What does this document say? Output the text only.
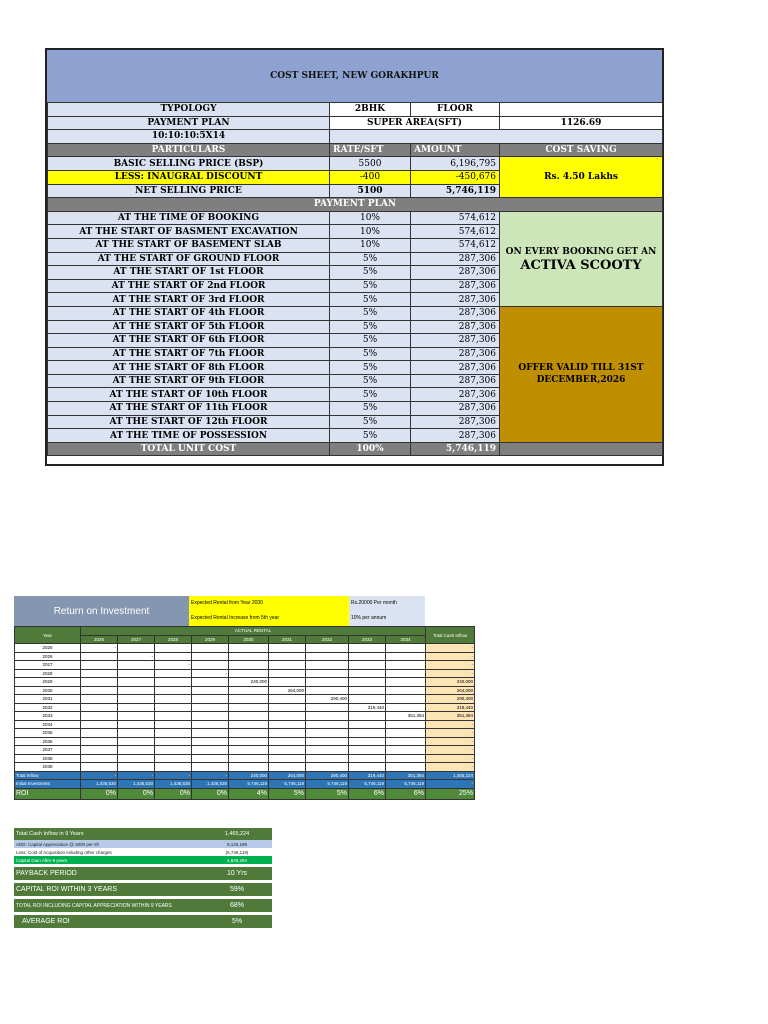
COST SHEET, NEW GORAKHPUR
TYPOLOGY	2BHK	FLOOR	
PAYMENT PLAN	SUPER AREA(SFT)		1126.69
10:10:10:5X14			
PARTICULARS	RATE/SFT	AMOUNT	COST SAVING
BASIC SELLING PRICE (BSP)	5500	6,196,795	Rs. 4.50 Lakhs
LESS: INAUGRAL DISCOUNT	-400	-450,676	
NET SELLING PRICE	5100	5,746,119	
PAYMENT PLAN			
AT THE TIME OF BOOKING	10%	574,612	ON EVERY BOOKING GET AN
ACTIVA SCOOTY

AT THE START OF BASMENT EXCAVATION	10%	574,612	
AT THE START OF BASEMENT SLAB	10%	574,612	
AT THE START OF GROUND FLOOR	5%	287,306	
AT THE START OF 1st FLOOR	5%	287,306	
AT THE START OF 2nd FLOOR	5%	287,306	
AT THE START OF 3rd FLOOR	5%	287,306	
AT THE START OF 4th FLOOR	5%	287,306	OFFER VALID TILL 31ST DECEMBER,2026
AT THE START OF 5th FLOOR	5%	287,306	
AT THE START OF 6th FLOOR	5%	287,306	
AT THE START OF 7th FLOOR	5%	287,306	
AT THE START OF 8th FLOOR	5%	287,306	
AT THE START OF 9th FLOOR	5%	287,306	
AT THE START OF 10th FLOOR	5%	287,306	
AT THE START OF 11th FLOOR	5%	287,306	
AT THE START OF 12th FLOOR	5%	287,306	
AT THE TIME OF POSSESSION	5%	287,306	
TOTAL UNIT COST	100%	5,746,119	
Return on Investment
Expected Rental from Year 2030	Rs.20000 Per month
Expected Rental Increase from 5th year	10% per annum
Year	ACTUAL RENTAL									Total Cash Inflow
	2026	2027	2028	2029	2030	2031	2032	2033	2034	
2025	-									-
2026		-								-
2027			-							-
2028				-						-
2029					240,000					240,000
2030						264,000				264,000
2031							290,400			290,400
2032								319,440		319,440
2033									351,384	351,384
2034										-
2035										-
2036										-
2037										-
2038										-
2039										-
Total Inflow	-	-	-	-	240,000	264,000	290,400	319,440	351,384	1,465,224
Initial Investment	1,436,530	1,436,530	1,436,530	1,436,530	5,746,119	5,746,119	5,746,119	5,746,119	5,746,119	-
ROI	0%	0%	0%	0%	4%	5%	5%	6%	6%	25%
Total Cash Inflow in 9 Years	1,465,224
ADD: Capital Appreciation @ 3000 per sft	9,126,189
Less: Cost of Acquisition exluding other charges	(5,746,119)
Capital Gain After 9 years	4,845,294
PAYBACK PERIOD	10 Yrs
CAPITAL ROI WITHIN 3 YEARS	59%
TOTAL ROI INCLUDING CAPITAL APPRECIATION WITHIN 9 YEARS	68%
AVERAGE ROI	5%
